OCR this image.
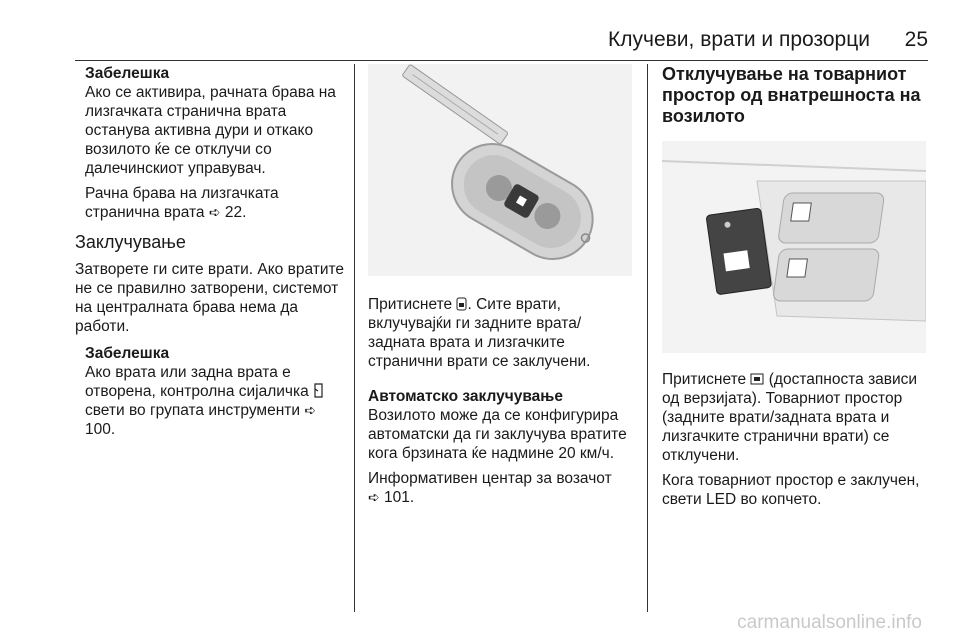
Клучеви, врати и прозорци 25
Забелешка

Ако се активира, рачната брава на лизгачката странична врата останува активна дури и откако возилото ќе се отклучи со далечинскиот управувач.

Рачна брава на лизгачката странична врата ➪ 22.

Заклучување

Затворете ги сите врати. Ако вратите не се правилно затворени, системот на централната брава нема да работи.

Забелешка

Ако врата или задна врата е отворена, контролна сијаличка  свети во групата инструменти ➪ 100.

Притиснете . Сите врати, вклучувајќи ги задните врата/задната врата и лизгачките странични врати се заклучени.

Автоматско заклучување

Возилото може да се конфигурира автоматски да ги заклучува вратите кога брзината ќе надмине 20 км/ч.

Информативен центар за возачот
➪ 101.

Отклучување на товарниот простор од внатрешноста на возилото

Притиснете (достапноста зависи од верзијата). Товарниот простор (задните врати/задната врата и лизгачките странични врати) се отклучени.

Кога товарниот простор е заклучен, свети LED во копчето.

carmanualsonline.info
